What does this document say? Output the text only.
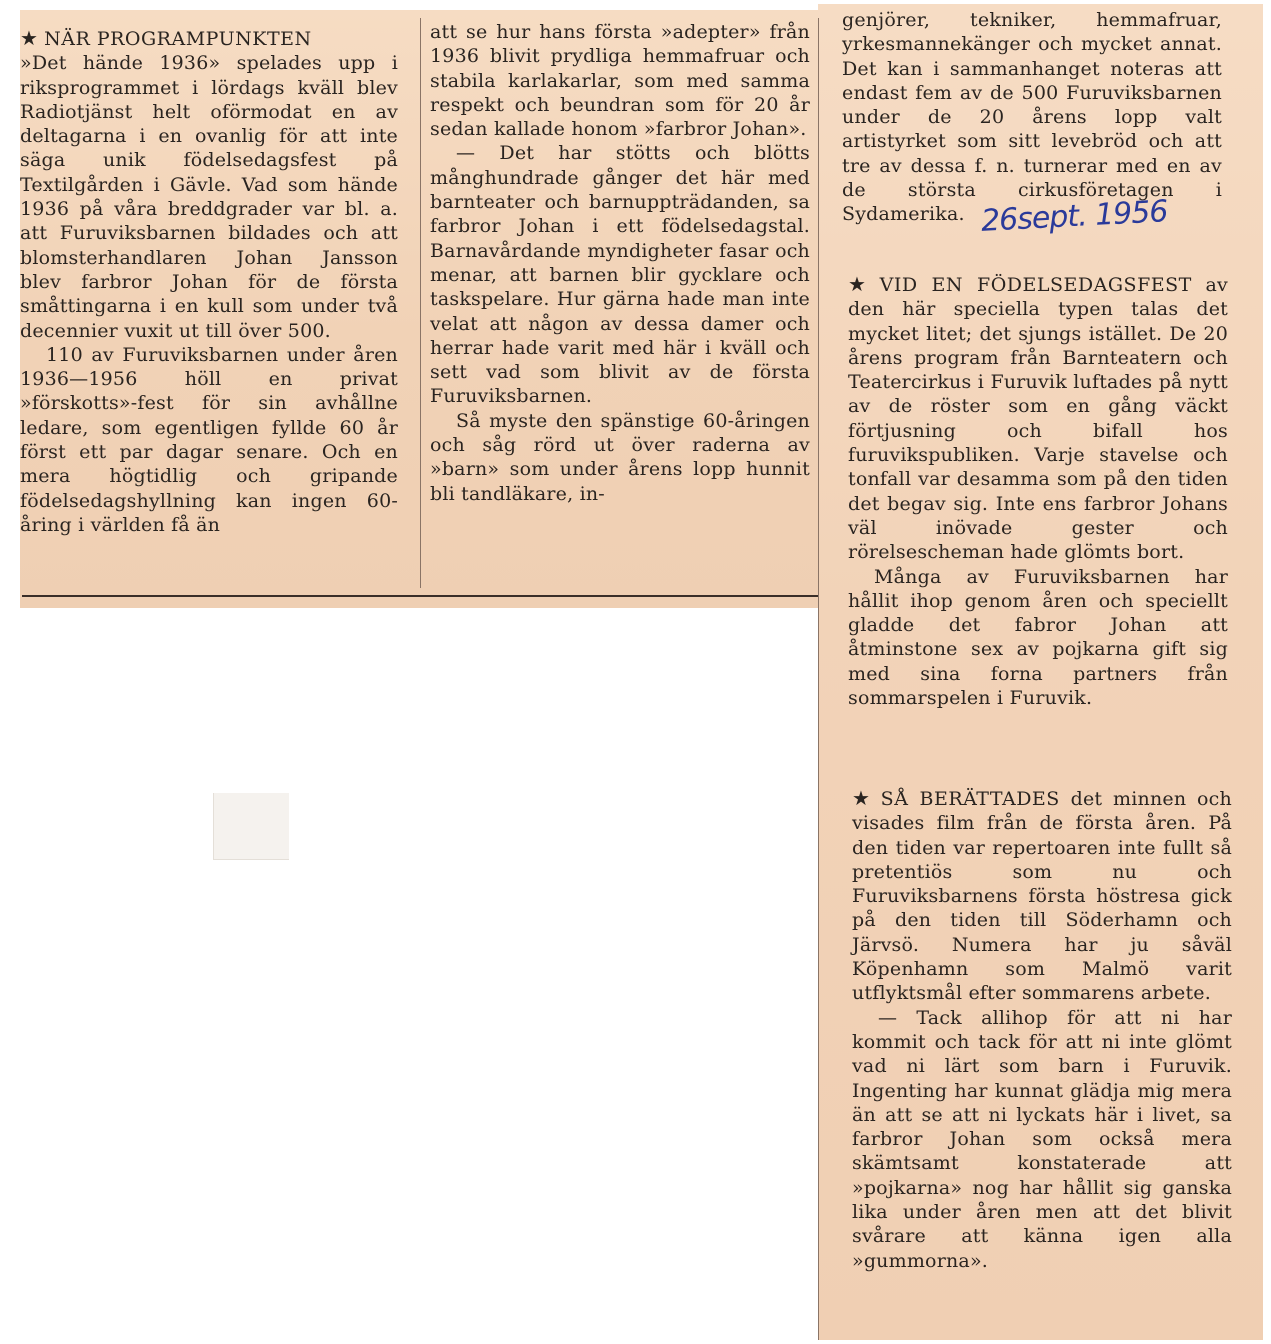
★ NÄR PROGRAMPUNKTEN
»Det hände 1936» spelades upp i riksprogrammet i lördags kväll blev Radiotjänst helt oförmodat en av deltagarna i en ovanlig för att inte säga unik födelsedagsfest på Textilgården i Gävle. Vad som hände 1936 på våra breddgrader var bl. a. att Furuviksbarnen bildades och att blomsterhandlaren Johan Jansson blev farbror Johan för de första småttingarna i en kull som under två decennier vuxit ut till över 500.

110 av Furuviksbarnen under åren 1936—1956 höll en privat »förskotts»-fest för sin avhållne ledare, som egentligen fyllde 60 år först ett par dagar senare. Och en mera högtidlig och gripande födelsedagshyllning kan ingen 60-åring i världen få än

att se hur hans första »adepter» från 1936 blivit prydliga hemmafruar och stabila karlakarlar, som med samma respekt och beundran som för 20 år sedan kallade honom »farbror Johan».

— Det har stötts och blötts månghundrade gånger det här med barnteater och barnuppträdanden, sa farbror Johan i ett födelsedagstal. Barnavårdande myndigheter fasar och menar, att barnen blir gycklare och taskspelare. Hur gärna hade man inte velat att någon av dessa damer och herrar hade varit med här i kväll och sett vad som blivit av de första Furuviksbarnen.

Så myste den spänstige 60-åringen och såg rörd ut över raderna av »barn» som under årens lopp hunnit bli tandläkare, in-

genjörer, tekniker, hemmafruar, yrkesmannekänger och mycket annat. Det kan i sammanhanget noteras att endast fem av de 500 Furuviksbarnen under de 20 årens lopp valt artistyrket som sitt levebröd och att tre av dessa f. n. turnerar med en av de största cirkusföretagen i Sydamerika. 26sept. 1956

★ VID EN FÖDELSEDAGSFEST av den här speciella typen talas det mycket litet; det sjungs istället. De 20 årens program från Barnteatern och Teatercirkus i Furuvik luftades på nytt av de röster som en gång väckt förtjusning och bifall hos furuvikspubliken. Varje stavelse och tonfall var desamma som på den tiden det begav sig. Inte ens farbror Johans väl inövade gester och rörelsescheman hade glömts bort.

Många av Furuviksbarnen har hållit ihop genom åren och speciellt gladde det fabror Johan att åtminstone sex av pojkarna gift sig med sina forna partners från sommarspelen i Furuvik.

★ SÅ BERÄTTADES det minnen och visades film från de första åren. På den tiden var repertoaren inte fullt så pretentiös som nu och Furuviksbarnens första höstresa gick på den tiden till Söderhamn och Järvsö. Numera har ju såväl Köpenhamn som Malmö varit utflyktsmål efter sommarens arbete.

— Tack allihop för att ni har kommit och tack för att ni inte glömt vad ni lärt som barn i Furuvik. Ingenting har kunnat glädja mig mera än att se att ni lyckats här i livet, sa farbror Johan som också mera skämtsamt konstaterade att »pojkarna» nog har hållit sig ganska lika under åren men att det blivit svårare att känna igen alla »gummorna».
